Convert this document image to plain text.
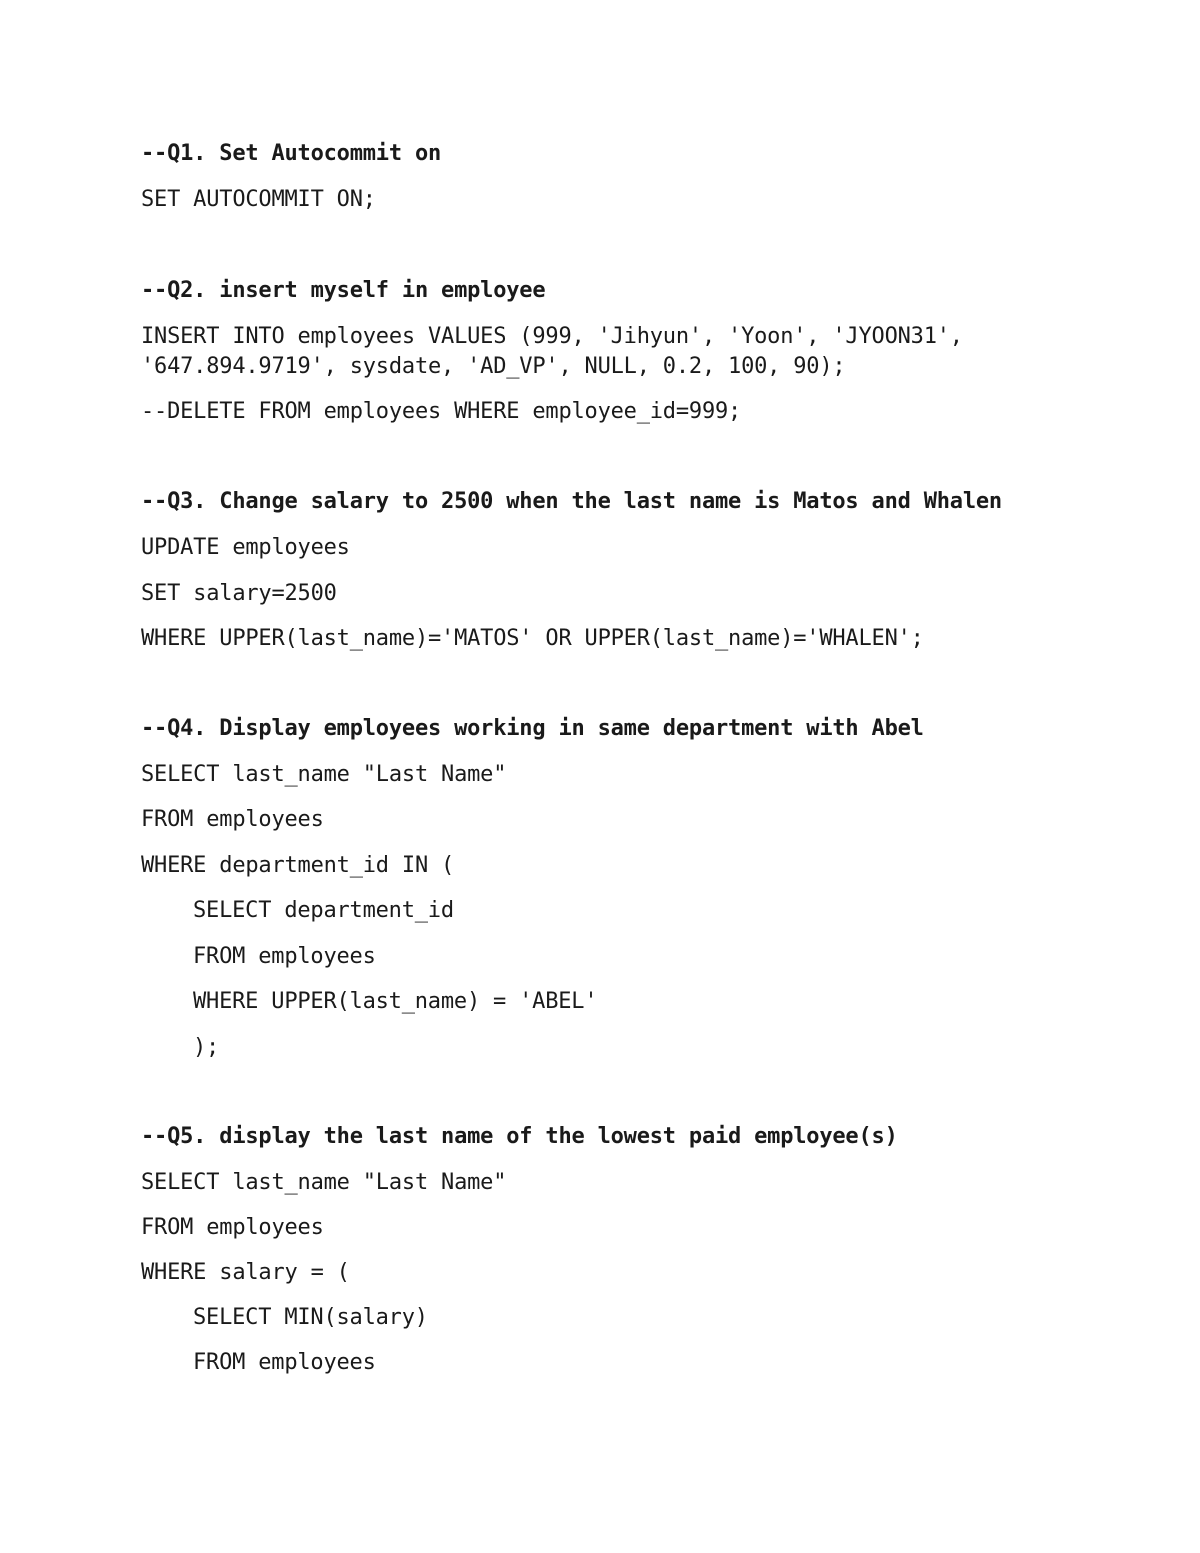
--Q1. Set Autocommit on
SET AUTOCOMMIT ON;
--Q2. insert myself in employee
INSERT INTO employees VALUES (999, 'Jihyun', 'Yoon', 'JYOON31',
'647.894.9719', sysdate, 'AD_VP', NULL, 0.2, 100, 90);
--DELETE FROM employees WHERE employee_id=999;
--Q3. Change salary to 2500 when the last name is Matos and Whalen
UPDATE employees
SET salary=2500
WHERE UPPER(last_name)='MATOS' OR UPPER(last_name)='WHALEN';
--Q4. Display employees working in same department with Abel
SELECT last_name "Last Name"
FROM employees
WHERE department_id IN (
SELECT department_id
FROM employees
WHERE UPPER(last_name) = 'ABEL'
);
--Q5. display the last name of the lowest paid employee(s)
SELECT last_name "Last Name"
FROM employees
WHERE salary = (
SELECT MIN(salary)
FROM employees
